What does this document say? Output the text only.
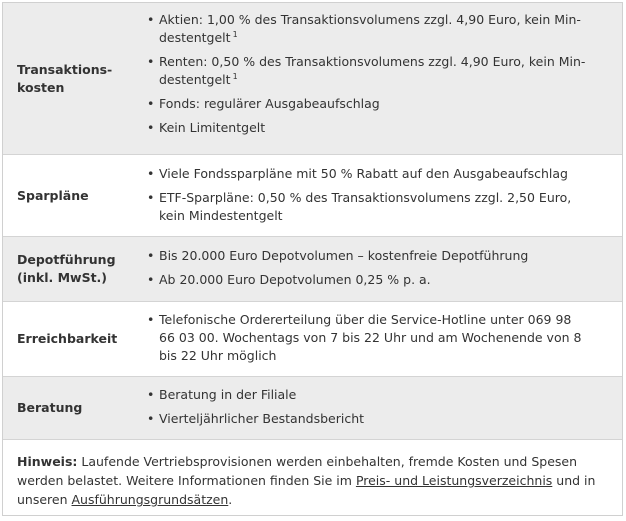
Transaktions-
kosten
• Aktien: 1,00 % des Transaktionsvolumens zzgl. 4,90 Euro, kein Min-
destentgelt $^1$
• Renten: 0,50 % des Transaktionsvolumens zzgl. 4,90 Euro, kein Min-
destentgelt $^1$
• Fonds: regulärer Ausgabeaufschlag
• Kein Limitentgelt
Sparpläne
• Viele Fondssparpläne mit 50 % Rabatt auf den Ausgabeaufschlag
• ETF-Sparpläne: 0,50 % des Transaktionsvolumens zzgl. 2,50 Euro,
kein Mindestentgelt
Depotführung
(inkl. MwSt.)
• Bis 20.000 Euro Depotvolumen – kostenfreie Depotführung
• Ab 20.000 Euro Depotvolumen 0,25 % p. a.
Erreichbarkeit
• Telefonische Ordererteilung über die Service-Hotline unter 069 98
66 03 00. Wochentags von 7 bis 22 Uhr und am Wochenende von 8
bis 22 Uhr möglich
Beratung
• Beratung in der Filiale
• Vierteljährlicher Bestandsbericht
Hinweis: Laufende Vertriebsprovisionen werden einbehalten, fremde Kosten und Spesen
werden belastet. Weitere Informationen finden Sie im Preis- und Leistungsverzeichnis und in
unseren Ausführungsgrundsätzen.
